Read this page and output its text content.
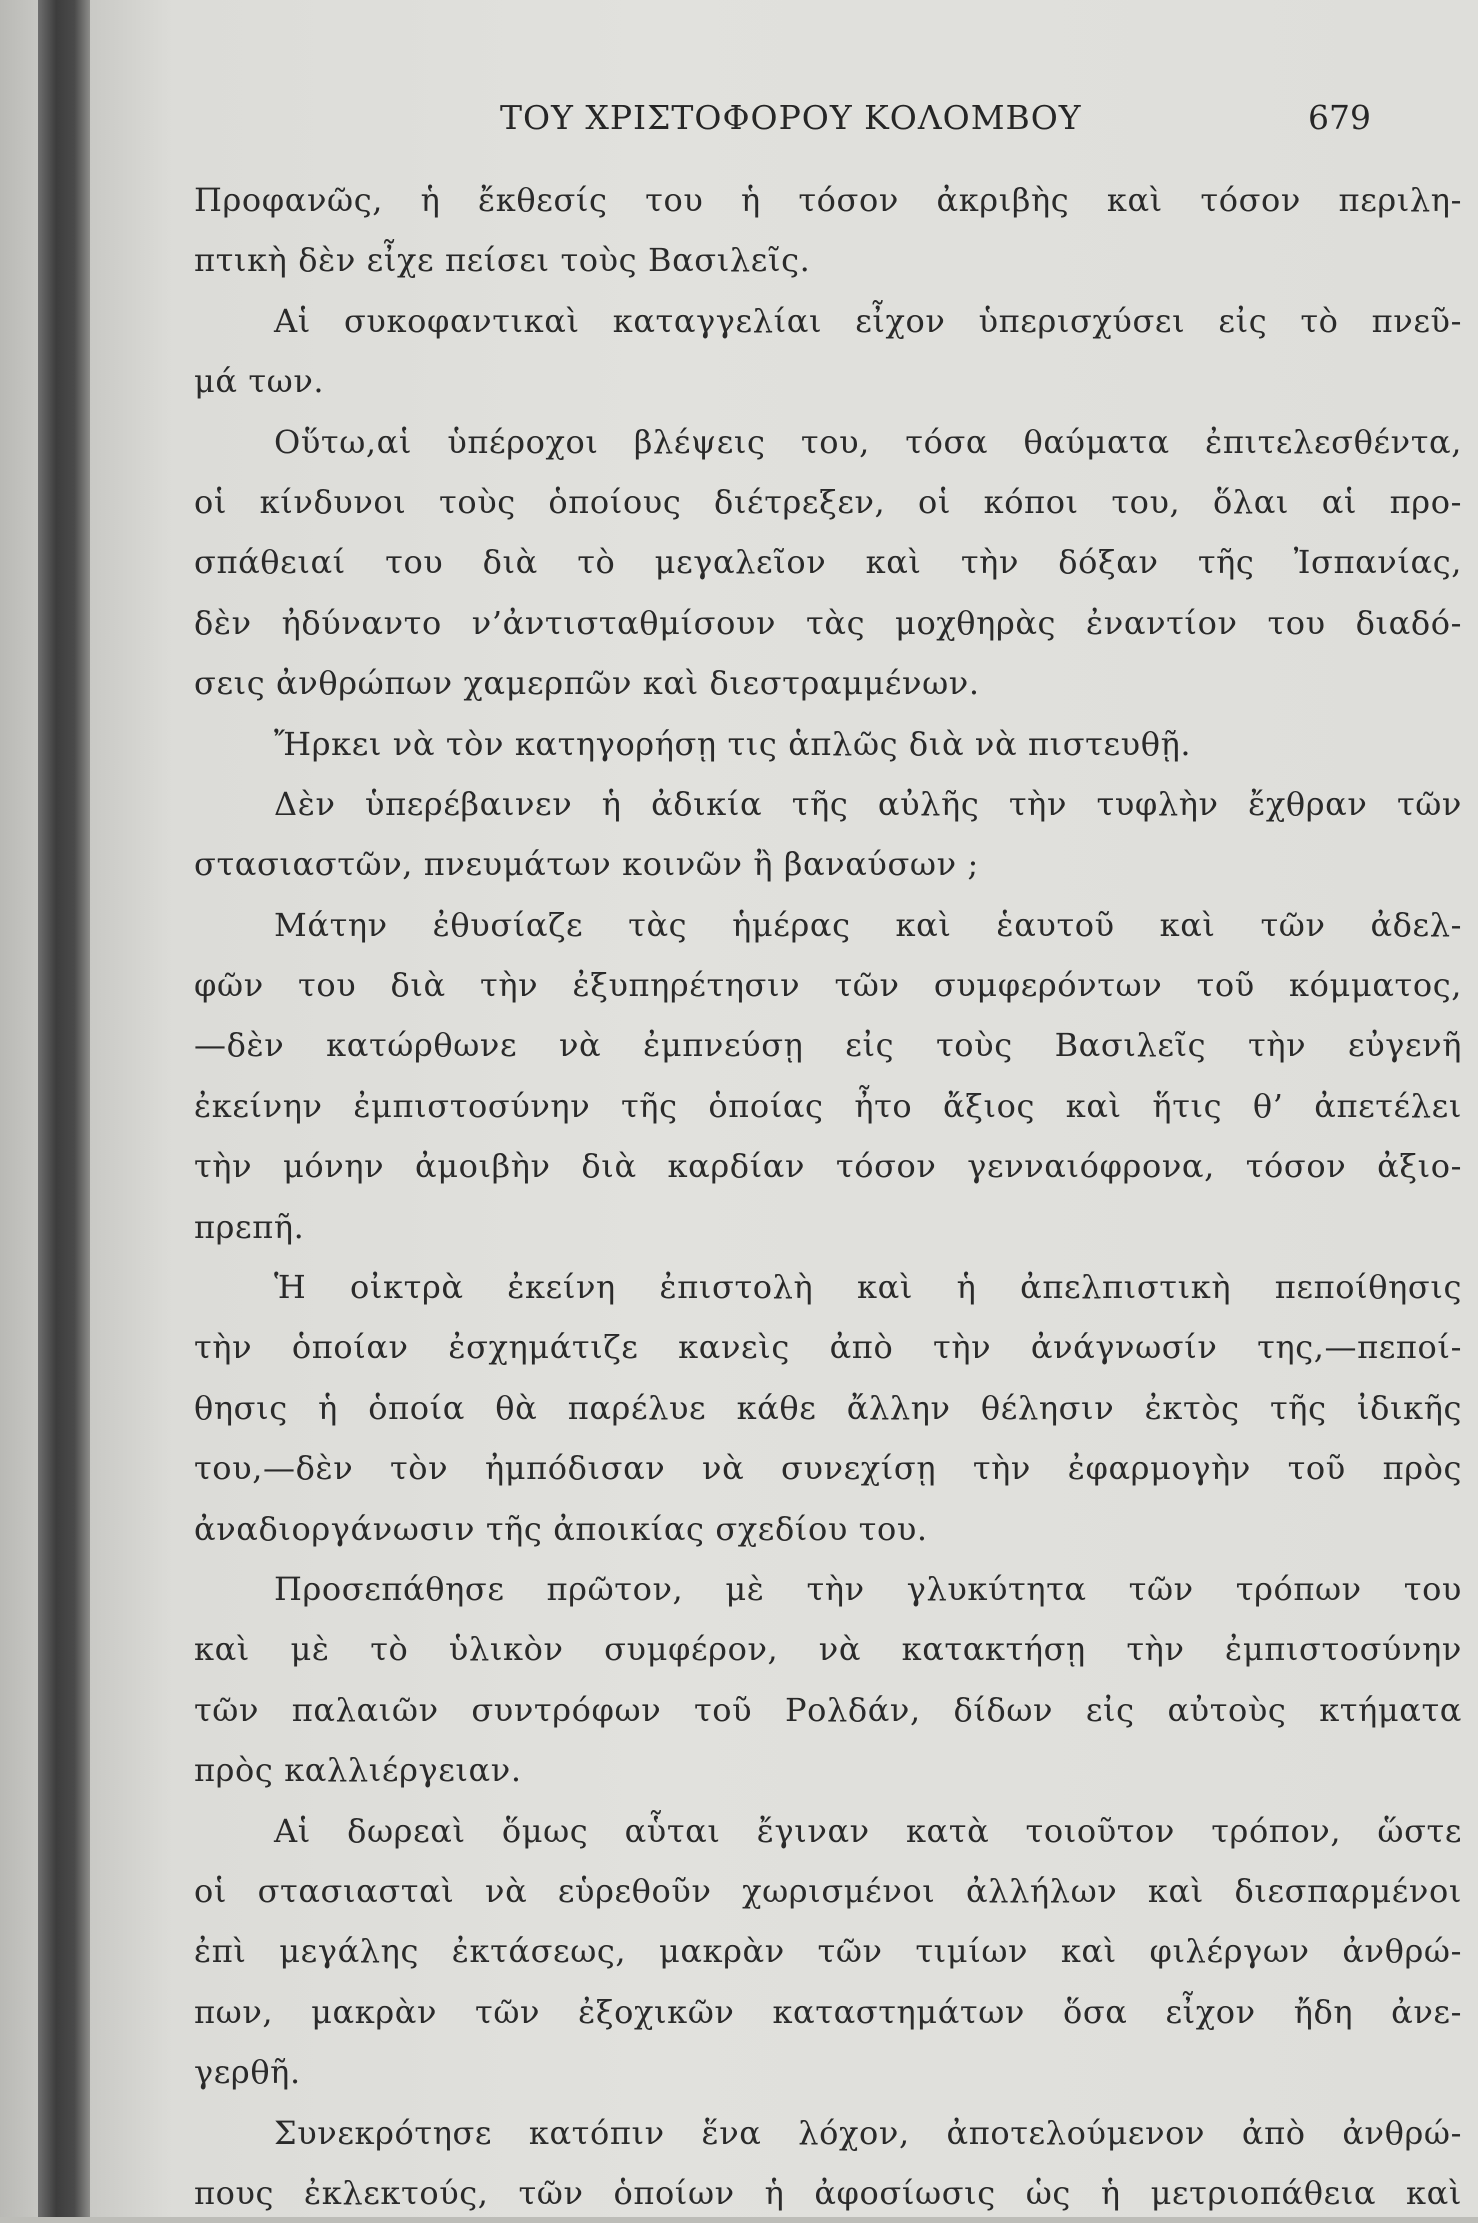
ΤΟΥ ΧΡΙΣΤΟΦΟΡΟΥ ΚΟΛΟΜΒΟΥ	679
Προφανῶς, ἡ ἔκθεσίς του ἡ τόσον ἀκριβὴς καὶ τόσον περιλη-
πτικὴ δὲν εἶχε πείσει τοὺς Βασιλεῖς.
Αἱ συκοφαντικαὶ καταγγελίαι εἶχον ὑπερισχύσει εἰς τὸ πνεῦ-
μά των.
Οὕτω,αἱ ὑπέροχοι βλέψεις του, τόσα θαύματα ἐπιτελεσθέντα,
οἱ κίνδυνοι τοὺς ὁποίους διέτρεξεν, οἱ κόποι του, ὅλαι αἱ προ-
σπάθειαί του διὰ τὸ μεγαλεῖον καὶ τὴν δόξαν τῆς Ἰσπανίας,
δὲν ἠδύναντο ν’ἀντισταθμίσουν τὰς μοχθηρὰς ἐναντίον του διαδό-
σεις ἀνθρώπων χαμερπῶν καὶ διεστραμμένων.
Ἤρκει νὰ τὸν κατηγορήσῃ τις ἁπλῶς διὰ νὰ πιστευθῇ.
Δὲν ὑπερέβαινεν ἡ ἀδικία τῆς αὐλῆς τὴν τυφλὴν ἔχθραν τῶν
στασιαστῶν, πνευμάτων κοινῶν ἢ βαναύσων ;
Μάτην ἐθυσίαζε τὰς ἡμέρας καὶ ἑαυτοῦ καὶ τῶν ἀδελ-
φῶν του διὰ τὴν ἐξυπηρέτησιν τῶν συμφερόντων τοῦ κόμματος,
—δὲν κατώρθωνε νὰ ἐμπνεύσῃ εἰς τοὺς Βασιλεῖς τὴν εὐγενῆ
ἐκείνην ἐμπιστοσύνην τῆς ὁποίας ἦτο ἄξιος καὶ ἥτις θ’ ἀπετέλει
τὴν μόνην ἀμοιβὴν διὰ καρδίαν τόσον γενναιόφρονα, τόσον ἀξιο-
πρεπῆ.
Ἡ οἰκτρὰ ἐκείνη ἐπιστολὴ καὶ ἡ ἀπελπιστικὴ πεποίθησις
τὴν ὁποίαν ἐσχημάτιζε κανεὶς ἀπὸ τὴν ἀνάγνωσίν της,—πεποί-
θησις ἡ ὁποία θὰ παρέλυε κάθε ἄλλην θέλησιν ἐκτὸς τῆς ἰδικῆς
του,—δὲν τὸν ἠμπόδισαν νὰ συνεχίσῃ τὴν ἐφαρμογὴν τοῦ πρὸς
ἀναδιοργάνωσιν τῆς ἀποικίας σχεδίου του.
Προσεπάθησε πρῶτον, μὲ τὴν γλυκύτητα τῶν τρόπων του
καὶ μὲ τὸ ὑλικὸν συμφέρον, νὰ κατακτήσῃ τὴν ἐμπιστοσύνην
τῶν παλαιῶν συντρόφων τοῦ Ρολδάν, δίδων εἰς αὐτοὺς κτήματα
πρὸς καλλιέργειαν.
Αἱ δωρεαὶ ὅμως αὗται ἔγιναν κατὰ τοιοῦτον τρόπον, ὥστε
οἱ στασιασταὶ νὰ εὑρεθοῦν χωρισμένοι ἀλλήλων καὶ διεσπαρμένοι
ἐπὶ μεγάλης ἐκτάσεως, μακρὰν τῶν τιμίων καὶ φιλέργων ἀνθρώ-
πων, μακρὰν τῶν ἐξοχικῶν καταστημάτων ὅσα εἶχον ἤδη ἀνε-
γερθῆ.
Συνεκρότησε κατόπιν ἕνα λόχον, ἀποτελούμενον ἀπὸ ἀνθρώ-
πους ἐκλεκτούς, τῶν ὁποίων ἡ ἀφοσίωσις ὡς ἡ μετριοπάθεια καὶ
